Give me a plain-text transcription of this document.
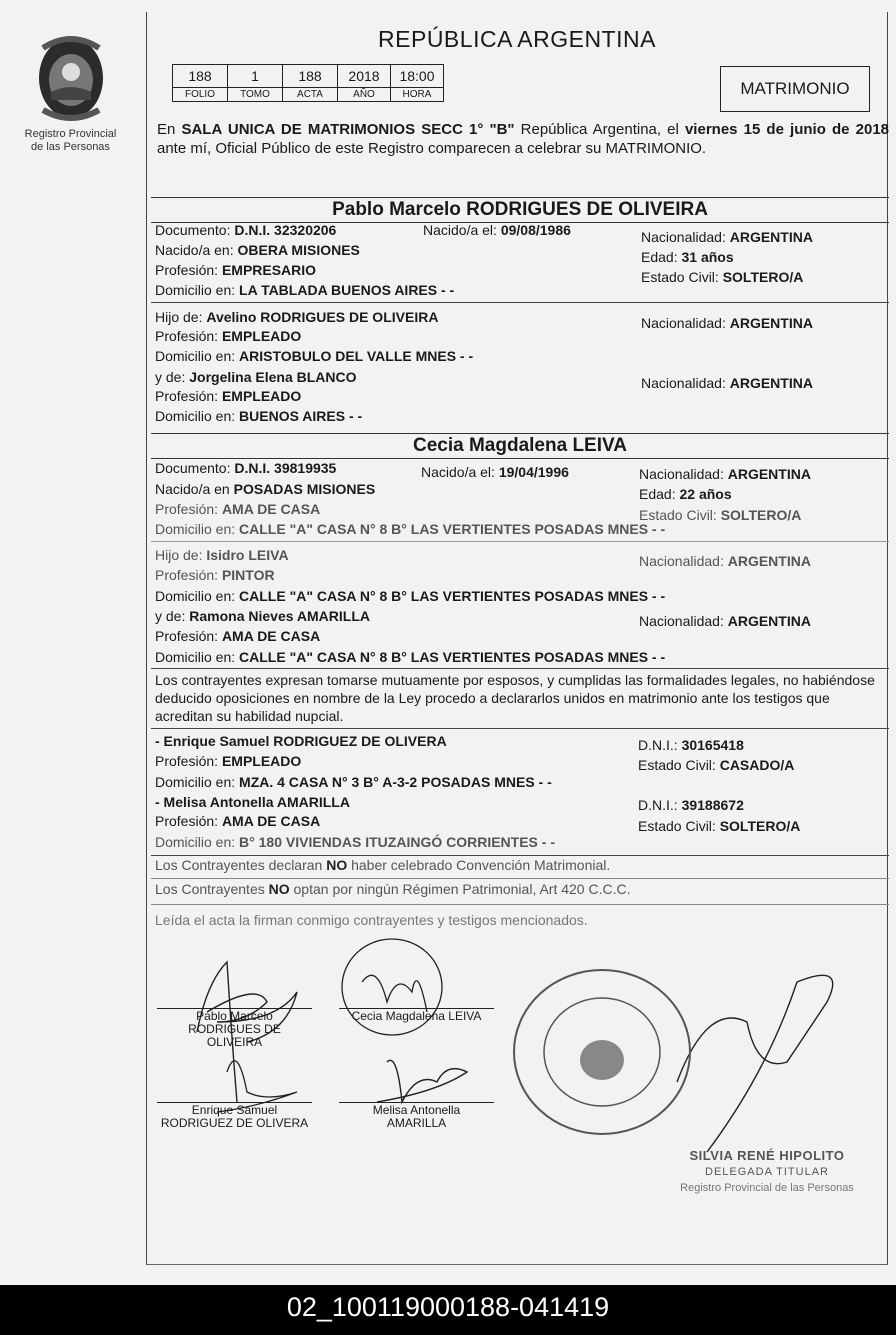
Registro Provincial
de las Personas
REPÚBLICA ARGENTINA
188	1	188	2018	18:00
FOLIO	TOMO	ACTA	AÑO	HORA	MATRIMONIO
En SALA UNICA DE MATRIMONIOS SECC 1° "B" República Argentina, el viernes 15 de junio de 2018 ante mí, Oficial Público de este Registro comparecen a celebrar su MATRIMONIO.
Pablo Marcelo RODRIGUES DE OLIVEIRA
Documento: D.N.I. 32320206	Nacido/a el: 09/08/1986	Nacionalidad: ARGENTINA
Nacido/a en: OBERA MISIONES	Edad: 31 años
Profesión: EMPRESARIO	Estado Civil: SOLTERO/A
Domicilio en: LA TABLADA BUENOS AIRES - -
Hijo de: Avelino RODRIGUES DE OLIVEIRA	Nacionalidad: ARGENTINA
Profesión: EMPLEADO
Domicilio en: ARISTOBULO DEL VALLE MNES - -
y de: Jorgelina Elena BLANCO	Nacionalidad: ARGENTINA
Profesión: EMPLEADO
Domicilio en: BUENOS AIRES - -
Cecia Magdalena LEIVA
Documento: D.N.I. 39819935	Nacido/a el: 19/04/1996	Nacionalidad: ARGENTINA
Nacido/a en POSADAS MISIONES	Edad: 22 años
Profesión: AMA DE CASA	Estado Civil: SOLTERO/A
Domicilio en: CALLE "A" CASA N° 8 B° LAS VERTIENTES POSADAS MNES - -
Hijo de: Isidro LEIVA	Nacionalidad: ARGENTINA
Profesión: PINTOR
Domicilio en: CALLE "A" CASA N° 8 B° LAS VERTIENTES POSADAS MNES - -
y de: Ramona Nieves AMARILLA	Nacionalidad: ARGENTINA
Profesión: AMA DE CASA
Domicilio en: CALLE "A" CASA N° 8 B° LAS VERTIENTES POSADAS MNES - -
Los contrayentes expresan tomarse mutuamente por esposos, y cumplidas las formalidades legales, no habiéndose deducido oposiciones en nombre de la Ley procedo a declararlos unidos en matrimonio ante los testigos que acreditan su habilidad nupcial.
- Enrique Samuel RODRIGUEZ DE OLIVERA	D.N.I.: 30165418
Profesión: EMPLEADO	Estado Civil: CASADO/A
Domicilio en: MZA. 4 CASA N° 3 B° A-3-2 POSADAS MNES - -
- Melisa Antonella AMARILLA	D.N.I.: 39188672
Profesión: AMA DE CASA	Estado Civil: SOLTERO/A
Domicilio en: B° 180 VIVIENDAS ITUZAINGÓ CORRIENTES - -
Los Contrayentes declaran NO haber celebrado Convención Matrimonial.
Los Contrayentes NO optan por ningún Régimen Patrimonial, Art 420 C.C.C.
Leída el acta la firman conmigo contrayentes y testigos mencionados.
Pablo Marcelo
RODRIGUES DE
OLIVEIRA
Cecia Magdalena LEIVA
Enrique Samuel
RODRIGUEZ DE OLIVERA
Melisa Antonella
AMARILLA
SILVIA RENÉ HIPOLITO
DELEGADA TITULAR
Registro Provincial de las Personas
02_100119000188-041419
